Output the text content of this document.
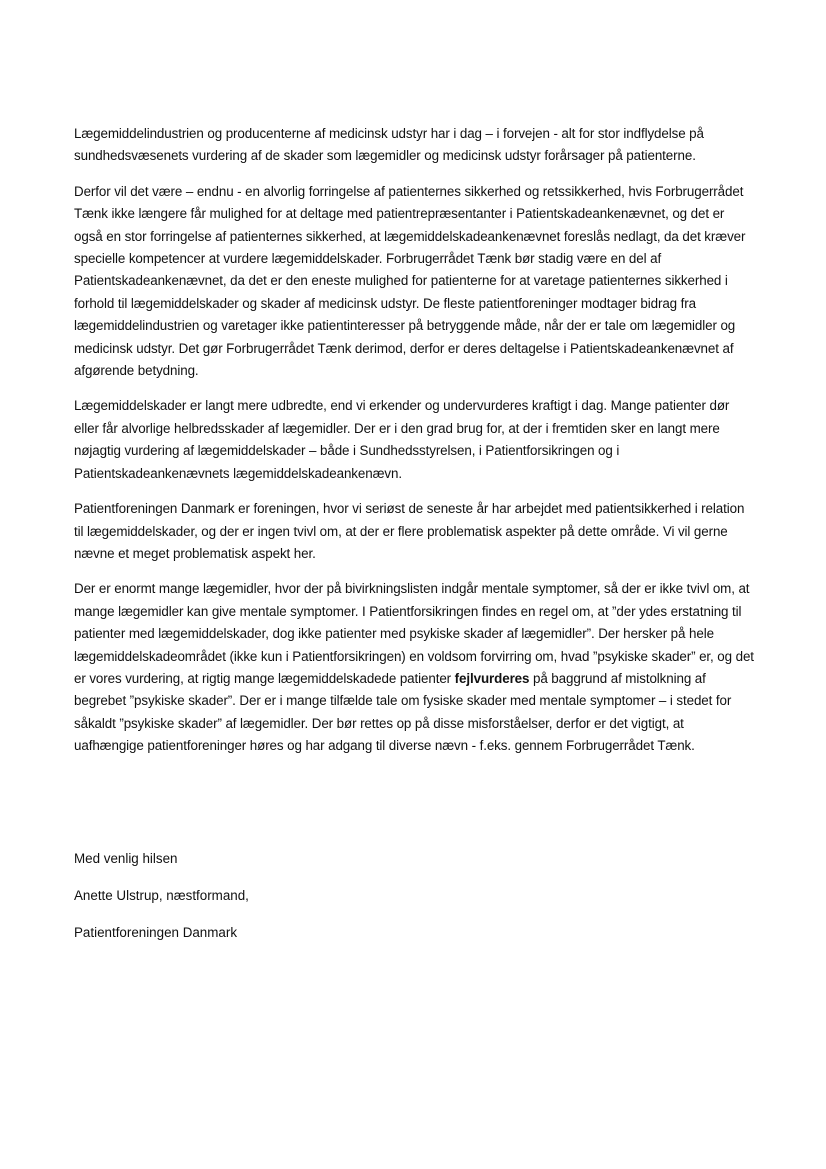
Lægemiddelindustrien og producenterne af medicinsk udstyr har i dag – i forvejen - alt for stor indflydelse på sundhedsvæsenets vurdering af de skader som lægemidler og medicinsk udstyr forårsager på patienterne.

Derfor vil det være – endnu - en alvorlig forringelse af patienternes sikkerhed og retssikkerhed, hvis Forbrugerrådet Tænk ikke længere får mulighed for at deltage med patientrepræsentanter i Patientskadeankenævnet, og det er også en stor forringelse af patienternes sikkerhed, at lægemiddelskadeankenævnet foreslås nedlagt, da det kræver specielle kompetencer at vurdere lægemiddelskader. Forbrugerrådet Tænk bør stadig være en del af Patientskadeankenævnet, da det er den eneste mulighed for patienterne for at varetage patienternes sikkerhed i forhold til lægemiddelskader og skader af medicinsk udstyr. De fleste patientforeninger modtager bidrag fra lægemiddelindustrien og varetager ikke patientinteresser på betryggende måde, når der er tale om lægemidler og medicinsk udstyr. Det gør Forbrugerrådet Tænk derimod, derfor er deres deltagelse i Patientskadeankenævnet af afgørende betydning.

Lægemiddelskader er langt mere udbredte, end vi erkender og undervurderes kraftigt i dag. Mange patienter dør eller får alvorlige helbredsskader af lægemidler. Der er i den grad brug for, at der i fremtiden sker en langt mere nøjagtig vurdering af lægemiddelskader – både i Sundhedsstyrelsen, i Patientforsikringen og i Patientskadeankenævnets lægemiddelskadeankenævn.

Patientforeningen Danmark er foreningen, hvor vi seriøst de seneste år har arbejdet med patientsikkerhed i relation til lægemiddelskader, og der er ingen tvivl om, at der er flere problematisk aspekter på dette område. Vi vil gerne nævne et meget problematisk aspekt her.

Der er enormt mange lægemidler, hvor der på bivirkningslisten indgår mentale symptomer, så der er ikke tvivl om, at mange lægemidler kan give mentale symptomer. I Patientforsikringen findes en regel om, at ”der ydes erstatning til patienter med lægemiddelskader, dog ikke patienter med psykiske skader af lægemidler”. Der hersker på hele lægemiddelskadeområdet (ikke kun i Patientforsikringen) en voldsom forvirring om, hvad ”psykiske skader” er, og det er vores vurdering, at rigtig mange lægemiddelskadede patienter fejlvurderes på baggrund af mistolkning af begrebet ”psykiske skader”. Der er i mange tilfælde tale om fysiske skader med mentale symptomer – i stedet for såkaldt ”psykiske skader” af lægemidler. Der bør rettes op på disse misforståelser, derfor er det vigtigt, at uafhængige patientforeninger høres og har adgang til diverse nævn - f.eks. gennem Forbrugerrådet Tænk.

Med venlig hilsen
Anette Ulstrup, næstformand,
Patientforeningen Danmark
